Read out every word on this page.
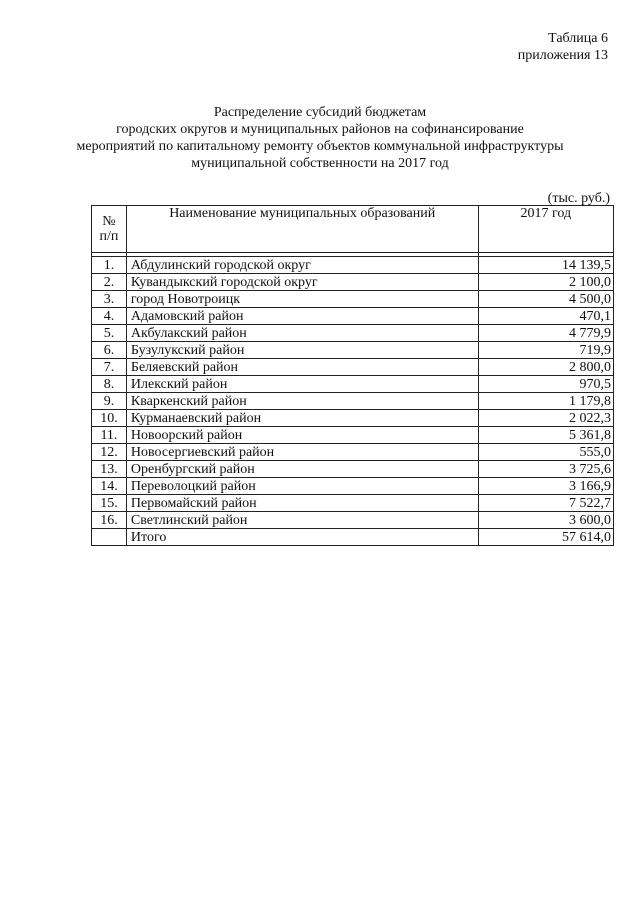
Таблица 6
приложения 13
Распределение субсидий бюджетам
городских округов и муниципальных районов на софинансирование
мероприятий по капитальному ремонту объектов коммунальной инфраструктуры
муниципальной собственности на 2017 год
(тыс. руб.)
№
п/п	Наименование муниципальных образований	2017 год

1.	Абдулинский городской округ	14 139,5
2.	Кувандыкский городской округ	2 100,0
3.	город Новотроицк	4 500,0
4.	Адамовский район	470,1
5.	Акбулакский район	4 779,9
6.	Бузулукский район	719,9
7.	Беляевский район	2 800,0
8.	Илекский район	970,5
9.	Кваркенский район	1 179,8
10.	Курманаевский район	2 022,3
11.	Новоорский район	5 361,8
12.	Новосергиевский район	555,0
13.	Оренбургский район	3 725,6
14.	Переволоцкий район	3 166,9
15.	Первомайский район	7 522,7
16.	Светлинский район	3 600,0
	Итого	57 614,0
